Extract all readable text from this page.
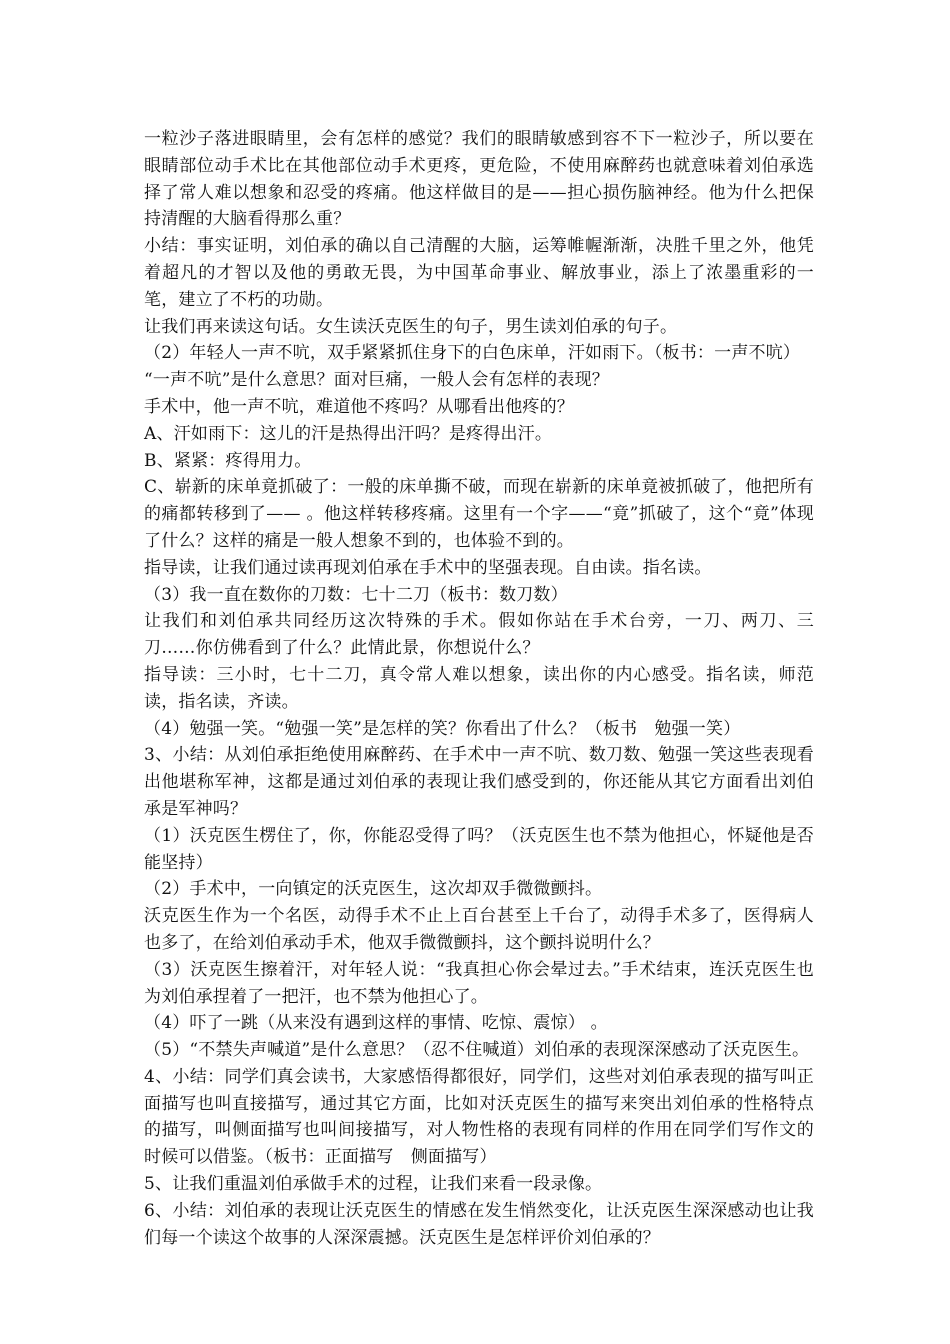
一粒沙子落进眼睛里，会有怎样的感觉？我们的眼睛敏感到容不下一粒沙子，所以要在眼睛部位动手术比在其他部位动手术更疼，更危险，不使用麻醉药也就意味着刘伯承选择了常人难以想象和忍受的疼痛。他这样做目的是——担心损伤脑神经。他为什么把保持清醒的大脑看得那么重？

小结：事实证明，刘伯承的确以自己清醒的大脑，运筹帷幄渐渐，决胜千里之外，他凭着超凡的才智以及他的勇敢无畏，为中国革命事业、解放事业，添上了浓墨重彩的一笔，建立了不朽的功勋。

让我们再来读这句话。女生读沃克医生的句子，男生读刘伯承的句子。

（2）年轻人一声不吭，双手紧紧抓住身下的白色床单，汗如雨下。（板书：一声不吭）

“一声不吭”是什么意思？面对巨痛，一般人会有怎样的表现？

手术中，他一声不吭，难道他不疼吗？从哪看出他疼的？

A、汗如雨下：这儿的汗是热得出汗吗？是疼得出汗。

B、紧紧：疼得用力。

C、崭新的床单竟抓破了：一般的床单撕不破，而现在崭新的床单竟被抓破了，他把所有的痛都转移到了—— 。他这样转移疼痛。这里有一个字——“竟”抓破了，这个“竟”体现了什么？这样的痛是一般人想象不到的，也体验不到的。

指导读，让我们通过读再现刘伯承在手术中的坚强表现。自由读。指名读。

（3）我一直在数你的刀数：七十二刀（板书：数刀数）

让我们和刘伯承共同经历这次特殊的手术。假如你站在手术台旁，一刀、两刀、三刀……你仿佛看到了什么？此情此景，你想说什么？

指导读：三小时，七十二刀，真令常人难以想象，读出你的内心感受。指名读，师范读，指名读，齐读。

（4）勉强一笑。“勉强一笑”是怎样的笑？你看出了什么？（板书　勉强一笑）

3、小结：从刘伯承拒绝使用麻醉药、在手术中一声不吭、数刀数、勉强一笑这些表现看出他堪称军神，这都是通过刘伯承的表现让我们感受到的，你还能从其它方面看出刘伯承是军神吗？

（1）沃克医生楞住了，你，你能忍受得了吗？（沃克医生也不禁为他担心，怀疑他是否能坚持）

（2）手术中，一向镇定的沃克医生，这次却双手微微颤抖。

沃克医生作为一个名医，动得手术不止上百台甚至上千台了，动得手术多了，医得病人也多了，在给刘伯承动手术，他双手微微颤抖，这个颤抖说明什么？

（3）沃克医生擦着汗，对年轻人说：“我真担心你会晕过去。”手术结束，连沃克医生也为刘伯承捏着了一把汗，也不禁为他担心了。

（4）吓了一跳（从来没有遇到这样的事情、吃惊、震惊） 。

（5）“不禁失声喊道”是什么意思？（忍不住喊道）刘伯承的表现深深感动了沃克医生。

4、小结：同学们真会读书，大家感悟得都很好，同学们，这些对刘伯承表现的描写叫正面描写也叫直接描写，通过其它方面，比如对沃克医生的描写来突出刘伯承的性格特点的描写，叫侧面描写也叫间接描写，对人物性格的表现有同样的作用在同学们写作文的时候可以借鉴。（板书：正面描写　侧面描写）

5、让我们重温刘伯承做手术的过程，让我们来看一段录像。

6、小结：刘伯承的表现让沃克医生的情感在发生悄然变化，让沃克医生深深感动也让我们每一个读这个故事的人深深震撼。沃克医生是怎样评价刘伯承的？
